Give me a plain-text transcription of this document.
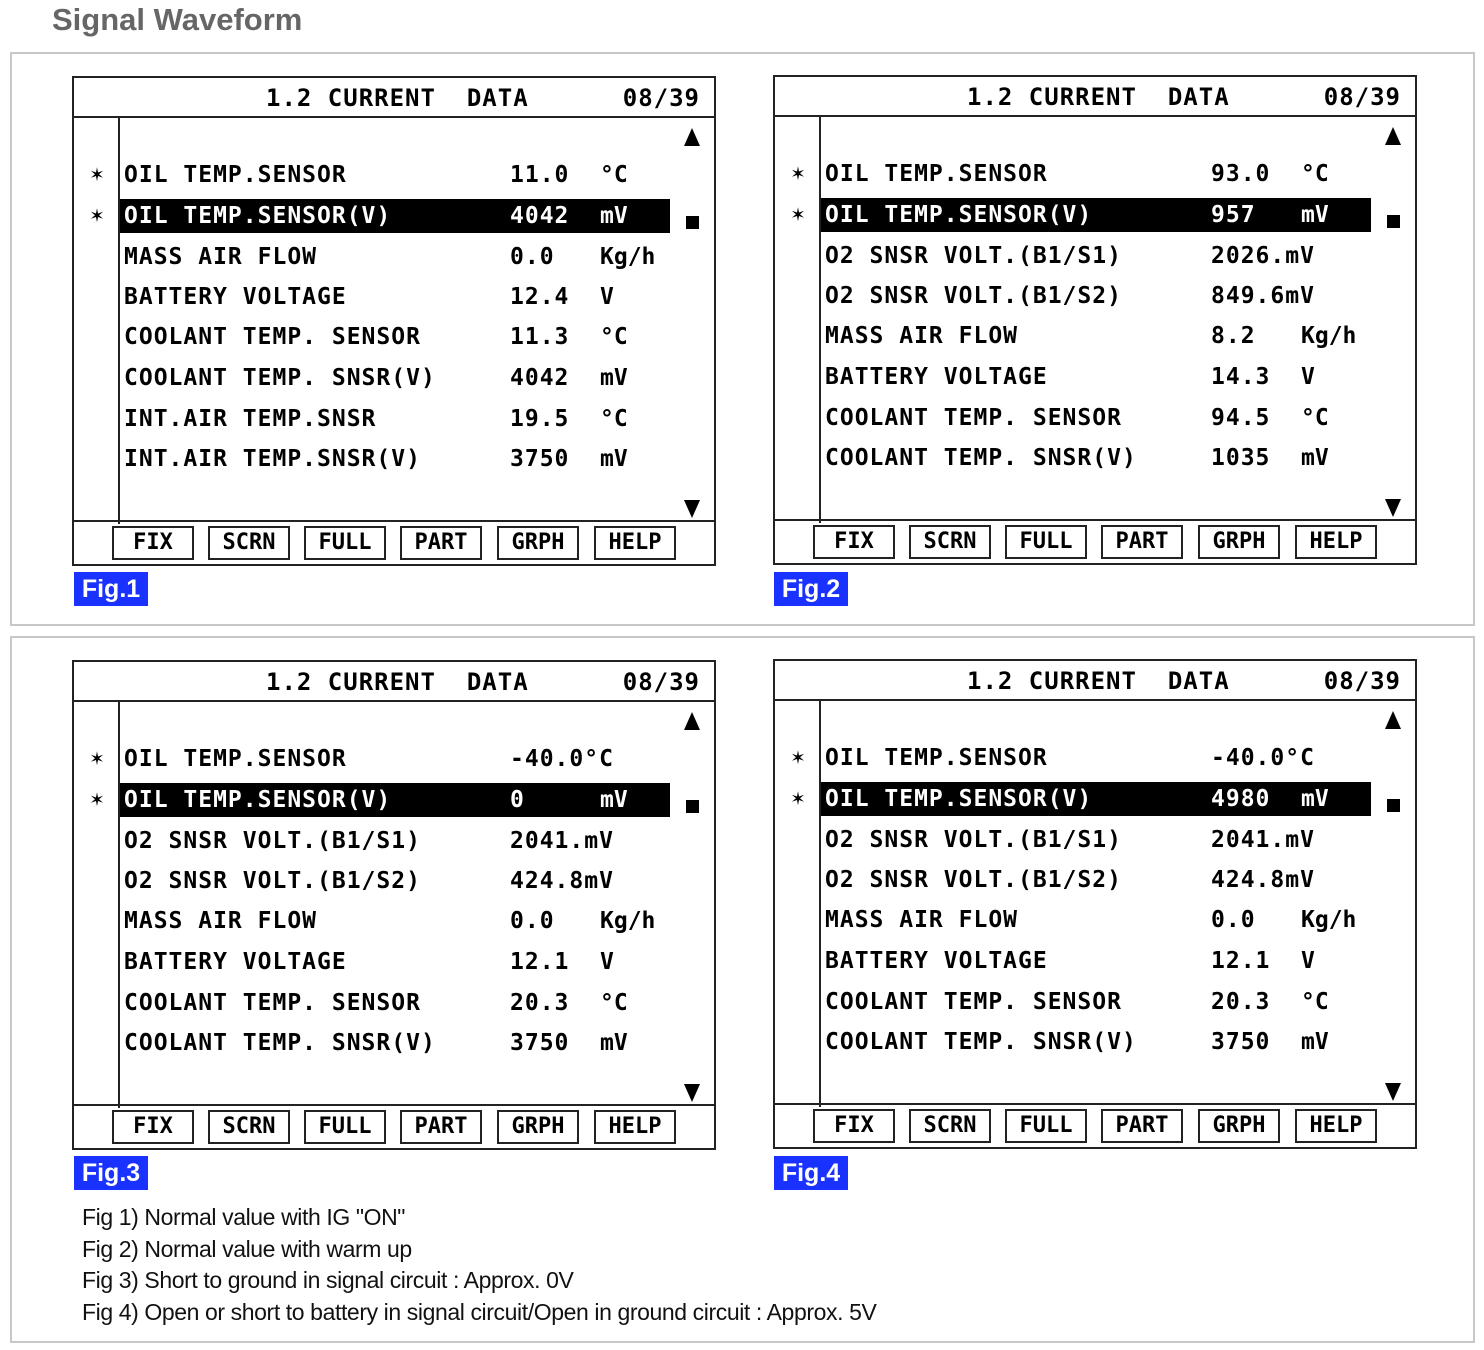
Signal Waveform
1.2 CURRENT  DATA	08/39
✶
✶
OIL TEMP.SENSOR	11.0 °C
OIL TEMP.SENSOR(V)	4042 mV
MASS AIR FLOW	0.0 Kg/h
BATTERY VOLTAGE	12.4 V
COOLANT TEMP. SENSOR	11.3 °C
COOLANT TEMP. SNSR(V)	4042 mV
INT.AIR TEMP.SNSR	19.5 °C
INT.AIR TEMP.SNSR(V)	3750 mV
FIX	SCRN	FULL	PART	GRPH	HELP
Fig.1
1.2 CURRENT  DATA	08/39
✶
✶
OIL TEMP.SENSOR	93.0 °C
OIL TEMP.SENSOR(V)	957 mV
O2 SNSR VOLT.(B1/S1)	2026.mV
O2 SNSR VOLT.(B1/S2)	849.6mV
MASS AIR FLOW	8.2 Kg/h
BATTERY VOLTAGE	14.3 V
COOLANT TEMP. SENSOR	94.5 °C
COOLANT TEMP. SNSR(V)	1035 mV
FIX	SCRN	FULL	PART	GRPH	HELP
Fig.2
1.2 CURRENT  DATA	08/39
✶
✶
OIL TEMP.SENSOR	-40.0°C
OIL TEMP.SENSOR(V)	0	mV
O2 SNSR VOLT.(B1/S1)	2041.mV
O2 SNSR VOLT.(B1/S2)	424.8mV
MASS AIR FLOW	0.0 Kg/h
BATTERY VOLTAGE	12.1 V
COOLANT TEMP. SENSOR	20.3 °C
COOLANT TEMP. SNSR(V)	3750 mV
FIX	SCRN	FULL	PART	GRPH	HELP
Fig.3
1.2 CURRENT  DATA	08/39
✶
✶
OIL TEMP.SENSOR	-40.0°C
OIL TEMP.SENSOR(V)	4980 mV
O2 SNSR VOLT.(B1/S1)	2041.mV
O2 SNSR VOLT.(B1/S2)	424.8mV
MASS AIR FLOW	0.0 Kg/h
BATTERY VOLTAGE	12.1 V
COOLANT TEMP. SENSOR	20.3 °C
COOLANT TEMP. SNSR(V)	3750 mV
FIX	SCRN	FULL	PART	GRPH	HELP
Fig.4
Fig 1) Normal value with IG "ON"
Fig 2) Normal value with warm up
Fig 3) Short to ground in signal circuit : Approx. 0V
Fig 4) Open or short to battery in signal circuit/Open in ground circuit : Approx. 5V
